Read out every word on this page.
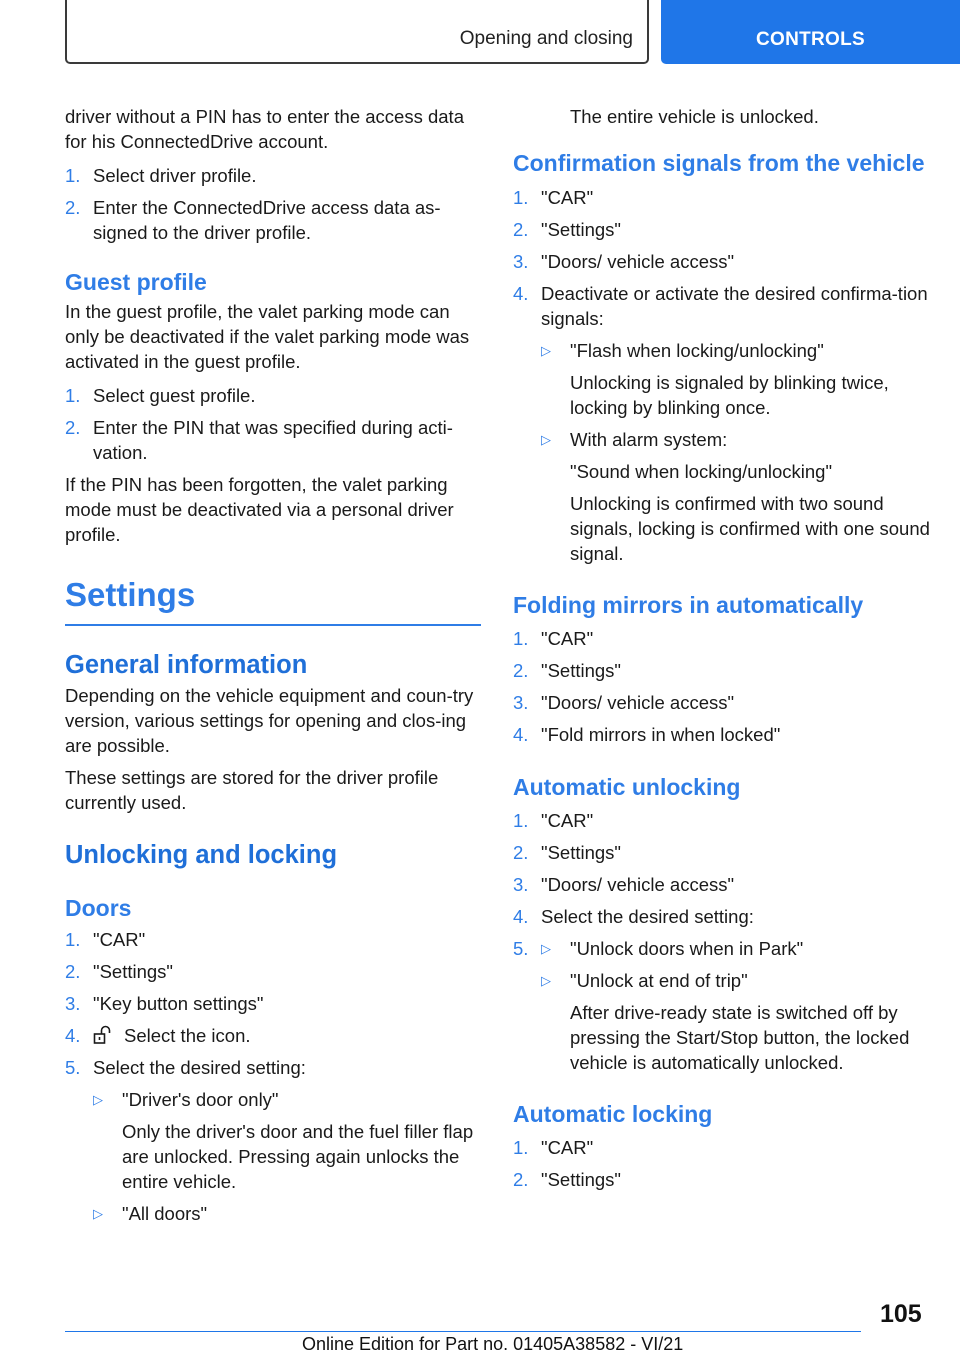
Opening and closing	CONTROLS

driver without a PIN has to enter the access data for his ConnectedDrive account.

1. Select driver profile.
2. Enter the ConnectedDrive access data as-signed to the driver profile.
Guest profile

In the guest profile, the valet parking mode can only be deactivated if the valet parking mode was activated in the guest profile.

1. Select guest profile.
2. Enter the PIN that was specified during acti-vation.

If the PIN has been forgotten, the valet parking mode must be deactivated via a personal driver profile.

Settings
General information

Depending on the vehicle equipment and coun-try version, various settings for opening and clos-ing are possible.

These settings are stored for the driver profile currently used.

Unlocking and locking
Doors
1. "CAR"
2. "Settings"
3. "Key button settings"
4.	Select the icon.
5. Select the desired setting:
▷	"Driver's door only"
Only the driver's door and the fuel filler flap are unlocked. Pressing again unlocks the entire vehicle.
▷	"All doors"

The entire vehicle is unlocked.

Confirmation signals from the vehicle
1. "CAR"
2. "Settings"
3. "Doors/ vehicle access"
4. Deactivate or activate the desired confirma-tion signals:
▷	"Flash when locking/unlocking"
Unlocking is signaled by blinking twice, locking by blinking once.
▷	With alarm system:
"Sound when locking/unlocking"
Unlocking is confirmed with two sound signals, locking is confirmed with one sound signal.
Folding mirrors in automatically
1. "CAR"
2. "Settings"
3. "Doors/ vehicle access"
4. "Fold mirrors in when locked"
Automatic unlocking
1. "CAR"
2. "Settings"
3. "Doors/ vehicle access"
4. Select the desired setting:
5. ▷	"Unlock doors when in Park"
▷	"Unlock at end of trip"
After drive-ready state is switched off by pressing the Start/Stop button, the locked vehicle is automatically unlocked.
Automatic locking
1. "CAR"
2. "Settings"
105
Online Edition for Part no. 01405A38582 - VI/21
